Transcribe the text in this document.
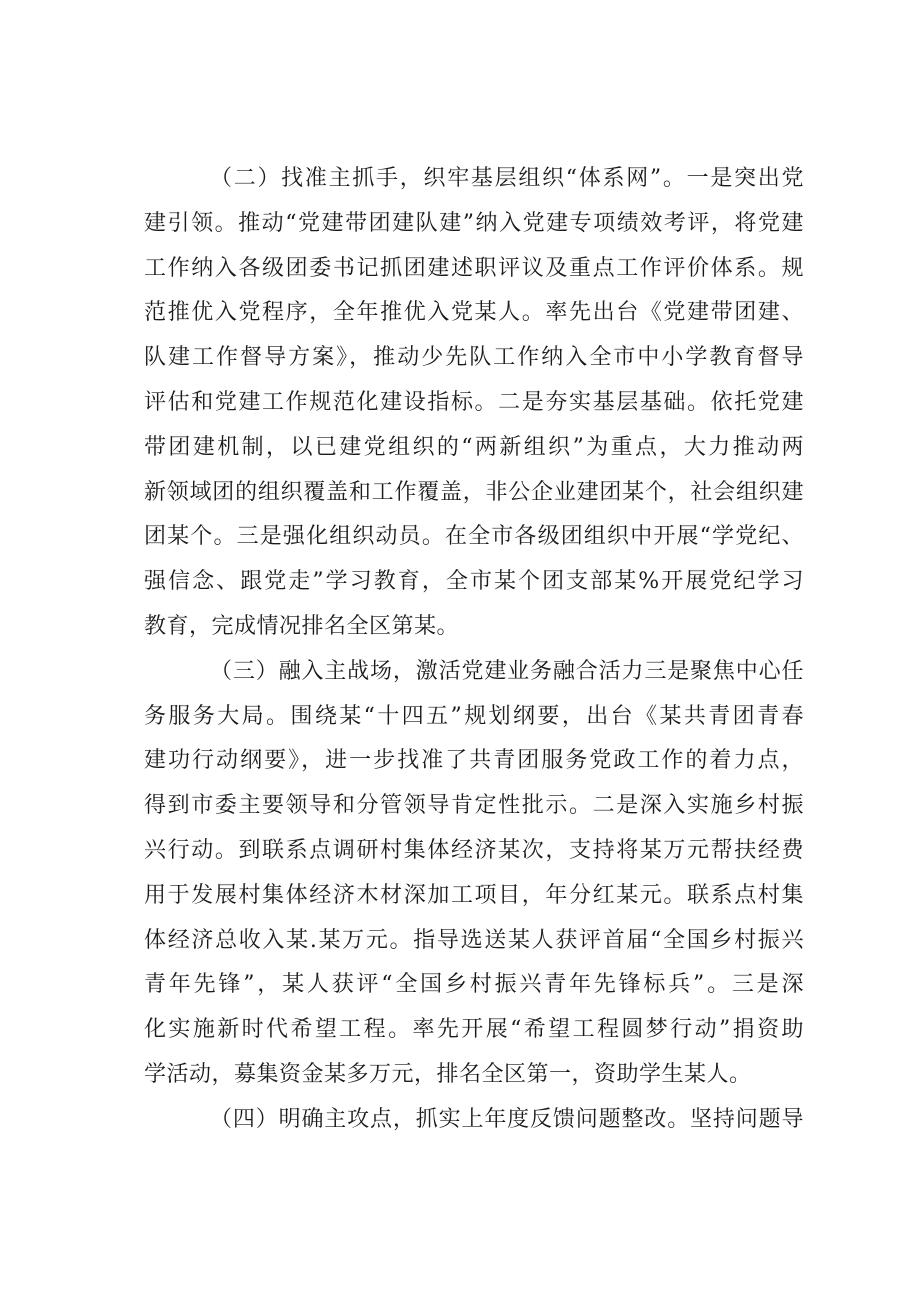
（二）找准主抓手，织牢基层组织“体系网”。一是突出党
建引领。推动“党建带团建队建”纳入党建专项绩效考评，将党建
工作纳入各级团委书记抓团建述职评议及重点工作评价体系。规
范推优入党程序，全年推优入党某人。率先出台《党建带团建、
队建工作督导方案》，推动少先队工作纳入全市中小学教育督导
评估和党建工作规范化建设指标。二是夯实基层基础。依托党建
带团建机制，以已建党组织的“两新组织”为重点，大力推动两
新领域团的组织覆盖和工作覆盖，非公企业建团某个，社会组织建
团某个。三是强化组织动员。在全市各级团组织中开展“学党纪、
强信念、跟党走”学习教育，全市某个团支部某%开展党纪学习
教育，完成情况排名全区第某。
（三）融入主战场，激活党建业务融合活力三是聚焦中心任
务服务大局。围绕某“十四五”规划纲要，出台《某共青团青春
建功行动纲要》，进一步找准了共青团服务党政工作的着力点，
得到市委主要领导和分管领导肯定性批示。二是深入实施乡村振
兴行动。到联系点调研村集体经济某次，支持将某万元帮扶经费
用于发展村集体经济木材深加工项目，年分红某元。联系点村集
体经济总收入某.某万元。指导选送某人获评首届“全国乡村振兴
青年先锋”，某人获评“全国乡村振兴青年先锋标兵”。三是深
化实施新时代希望工程。率先开展“希望工程圆梦行动”捐资助
学活动，募集资金某多万元，排名全区第一，资助学生某人。
（四）明确主攻点，抓实上年度反馈问题整改。坚持问题导
